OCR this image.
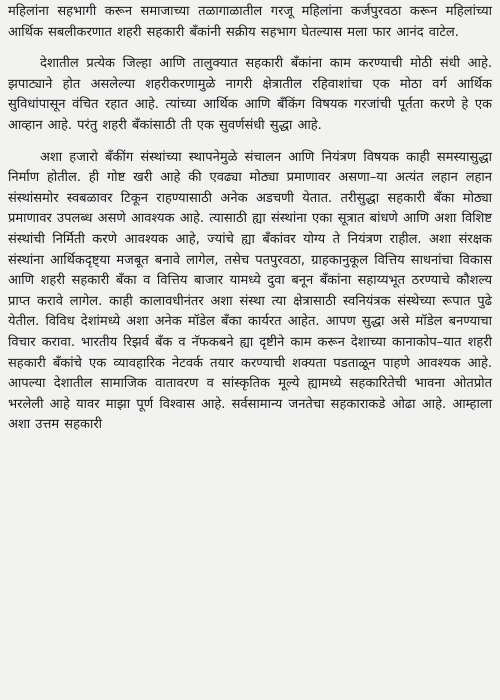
महिलांना सहभागी करून समाजाच्या तळागाळातील गरजू महिलांना कर्जपुरवठा करून महिलांच्या आर्थिक सबलीकरणात शहरी सहकारी बँकांनी सक्रीय सहभाग घेतल्यास मला फार आनंद वाटेल.

देशातील प्रत्येक जिल्हा आणि तालुक्यात सहकारी बँकांना काम करण्याची मोठी संधी आहे. झपाट्याने होत असलेल्या शहरीकरणामुळे नागरी क्षेत्रातील रहिवाशांचा एक मोठा वर्ग आर्थिक सुविधांपासून वंचित रहात आहे. त्यांच्या आर्थिक आणि बँकिंग विषयक गरजांची पूर्तता करणे हे एक आव्हान आहे. परंतु शहरी बँकांसाठी ती एक सुवर्णसंधी सुद्धा आहे.

अशा हजारो बँकींग संस्थांच्या स्थापनेमुळे संचालन आणि नियंत्रण विषयक काही समस्यासुद्धा निर्माण होतील. ही गोष्ट खरी आहे की एवढ्या मोठ्या प्रमाणावर असणा–या अत्यंत लहान लहान संस्थांसमोर स्वबळावर टिकून राहण्यासाठी अनेक अडचणी येतात. तरीसुद्धा सहकारी बँका मोठ्या प्रमाणावर उपलब्ध असणे आवश्यक आहे. त्यासाठी ह्या संस्थांना एका सूत्रात बांधणे आणि अशा विशिष्ट संस्थांची निर्मिती करणे आवश्यक आहे, ज्यांचे ह्या बँकांवर योग्य ते नियंत्रण राहील. अशा संरक्षक संस्थांना आर्थिकदृष्ट्या मजबूत बनावे लागेल, तसेच पतपुरवठा, ग्राहकानुकूल वित्तिय साधनांचा विकास आणि शहरी सहकारी बँका व वित्तिय बाजार यामध्ये दुवा बनून बँकांना सहाय्यभूत ठरण्याचे कौशल्य प्राप्त करावे लागेल. काही कालावधीनंतर अशा संस्था त्या क्षेत्रासाठी स्वनियंत्रक संस्थेच्या रूपात पुढे येतील. विविध देशांमध्ये अशा अनेक मॉडेल बँका कार्यरत आहेत. आपण सुद्धा असे मॉडेल बनण्याचा विचार करावा. भारतीय रिझर्व बँक व नॅफकबने ह्या दृष्टीने काम करून देशाच्या कानाकोप–यात शहरी सहकारी बँकांचे एक व्यावहारिक नेटवर्क तयार करण्याची शक्यता पडताळून पाहणे आवश्यक आहे. आपल्या देशातील सामाजिक वातावरण व सांस्कृतिक मूल्ये ह्यामध्ये सहकारितेची भावना ओतप्रोत भरलेली आहे यावर माझा पूर्ण विश्वास आहे. सर्वसामान्य जनतेचा सहकाराकडे ओढा आहे. आम्हाला अशा उत्तम सहकारी
